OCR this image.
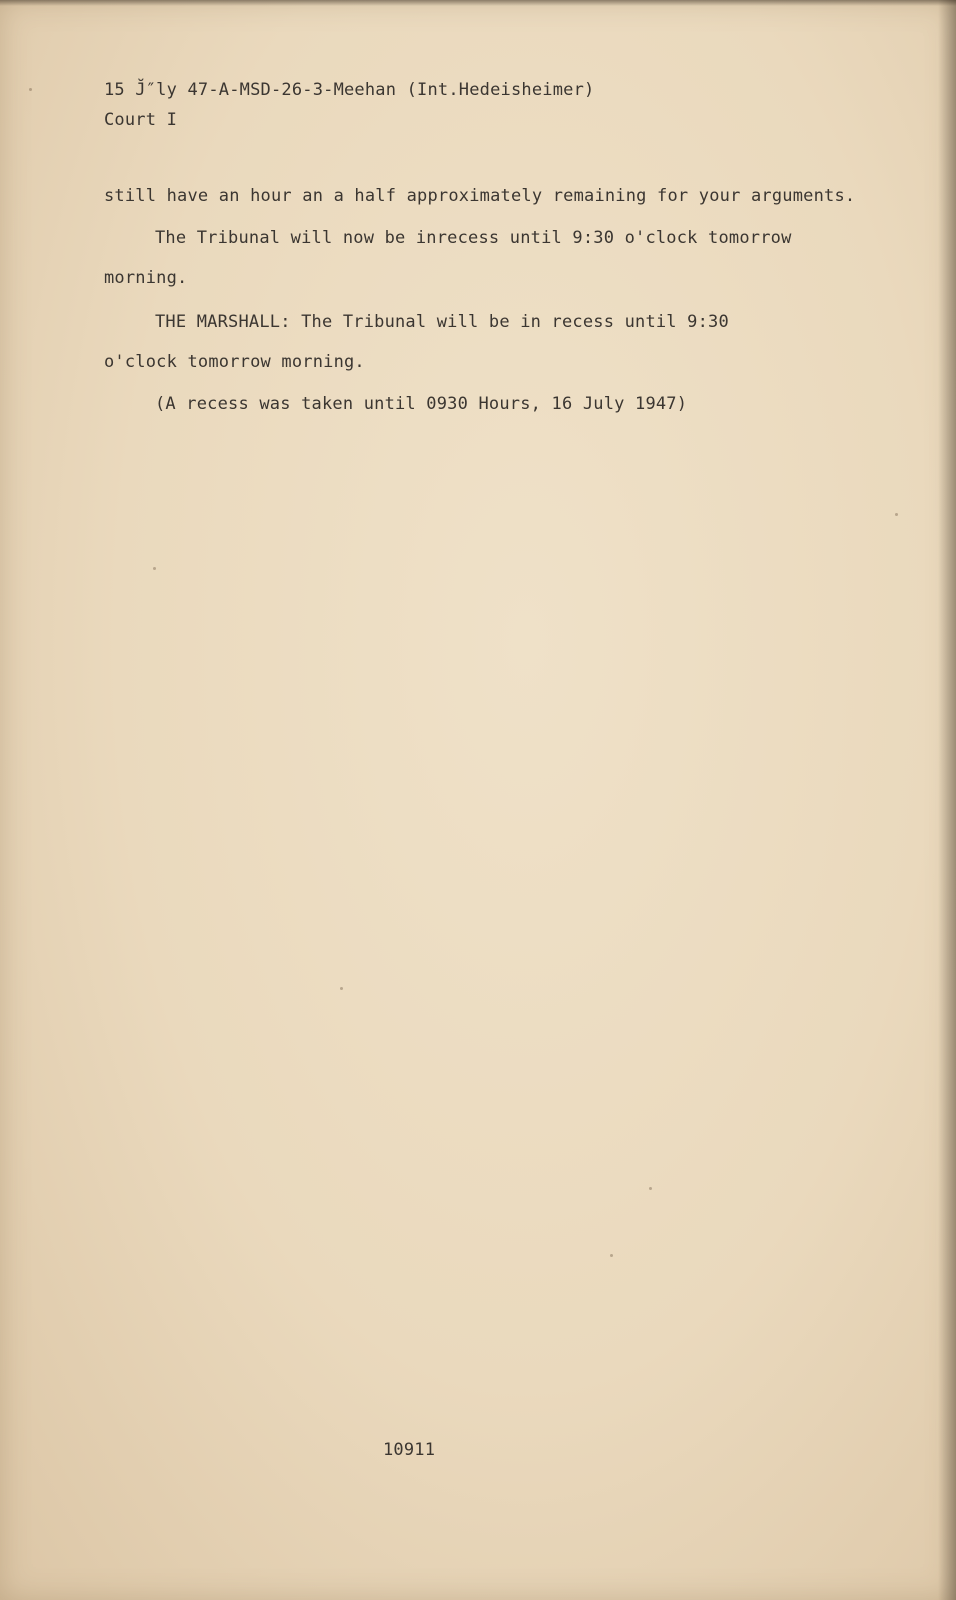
15 J̆″ly 47-A-MSD-26-3-Meehan (Int.Hedeisheimer)
Court I
still have an hour an a half approximately remaining for your arguments.
The Tribunal will now be inrecess until 9:30 o'clock tomorrow
morning.
THE MARSHALL: The Tribunal will be in recess until 9:30
o'clock tomorrow morning.
(A recess was taken until 0930 Hours, 16 July 1947)
10911
